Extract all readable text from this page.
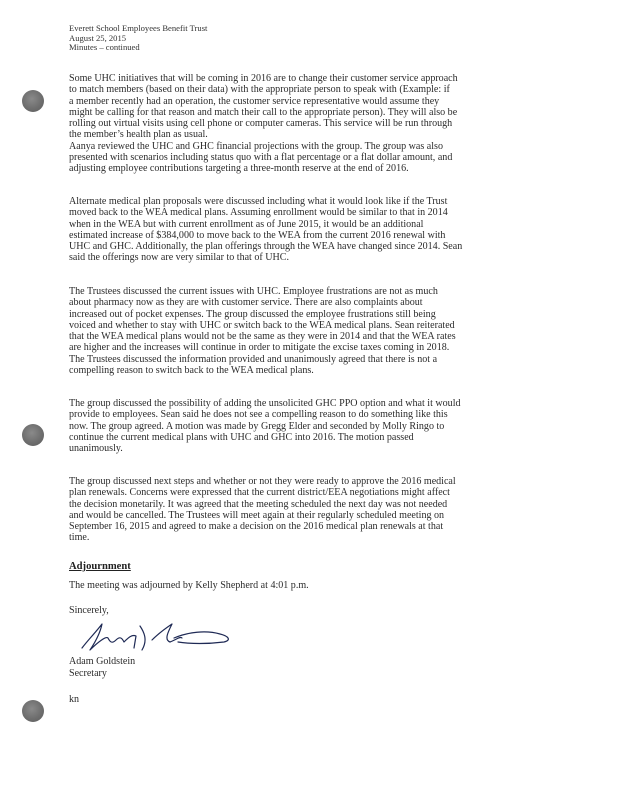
Everett School Employees Benefit Trust
August 25, 2015
Minutes – continued
Some UHC initiatives that will be coming in 2016 are to change their customer service approach
to match members (based on their data) with the appropriate person to speak with (Example: if
a member recently had an operation, the customer service representative would assume they
might be calling for that reason and match their call to the appropriate person). They will also be
rolling out virtual visits using cell phone or computer cameras. This service will be run through
the member’s health plan as usual.
Aanya reviewed the UHC and GHC financial projections with the group. The group was also
presented with scenarios including status quo with a flat percentage or a flat dollar amount, and
adjusting employee contributions targeting a three-month reserve at the end of 2016.
Alternate medical plan proposals were discussed including what it would look like if the Trust
moved back to the WEA medical plans. Assuming enrollment would be similar to that in 2014
when in the WEA but with current enrollment as of June 2015, it would be an additional
estimated increase of $384,000 to move back to the WEA from the current 2016 renewal with
UHC and GHC. Additionally, the plan offerings through the WEA have changed since 2014. Sean
said the offerings now are very similar to that of UHC.
The Trustees discussed the current issues with UHC. Employee frustrations are not as much
about pharmacy now as they are with customer service. There are also complaints about
increased out of pocket expenses. The group discussed the employee frustrations still being
voiced and whether to stay with UHC or switch back to the WEA medical plans. Sean reiterated
that the WEA medical plans would not be the same as they were in 2014 and that the WEA rates
are higher and the increases will continue in order to mitigate the excise taxes coming in 2018.
The Trustees discussed the information provided and unanimously agreed that there is not a
compelling reason to switch back to the WEA medical plans.
The group discussed the possibility of adding the unsolicited GHC PPO option and what it would
provide to employees. Sean said he does not see a compelling reason to do something like this
now. The group agreed. A motion was made by Gregg Elder and seconded by Molly Ringo to
continue the current medical plans with UHC and GHC into 2016. The motion passed
unanimously.
The group discussed next steps and whether or not they were ready to approve the 2016 medical
plan renewals. Concerns were expressed that the current district/EEA negotiations might affect
the decision monetarily. It was agreed that the meeting scheduled the next day was not needed
and would be cancelled. The Trustees will meet again at their regularly scheduled meeting on
September 16, 2015 and agreed to make a decision on the 2016 medical plan renewals at that
time.
Adjournment
The meeting was adjourned by Kelly Shepherd at 4:01 p.m.
Sincerely,
Adam Goldstein
Secretary
kn
